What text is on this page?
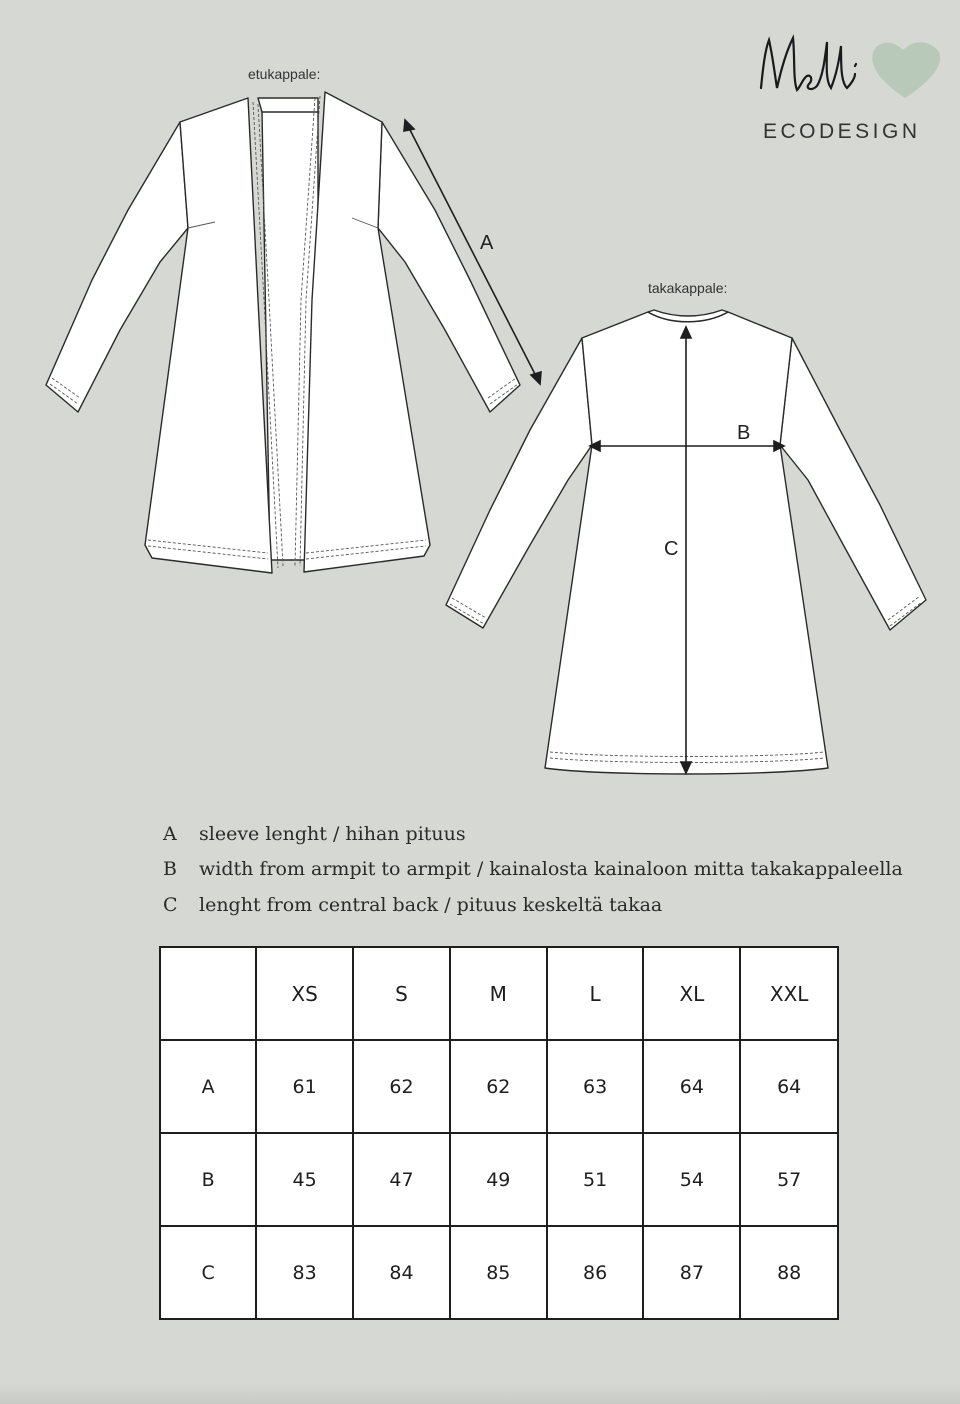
etukappale:
takakappale:
A
B
C
ECODESIGN
A	sleeve lenght / hihan pituus
B	width from armpit to armpit / kainalosta kainaloon mitta takakappaleella
C	lenght from central back / pituus keskeltä takaa
	XS	S	M	L	XL	XXL
A	61	62	62	63	64	64
B	45	47	49	51	54	57
C	83	84	85	86	87	88
